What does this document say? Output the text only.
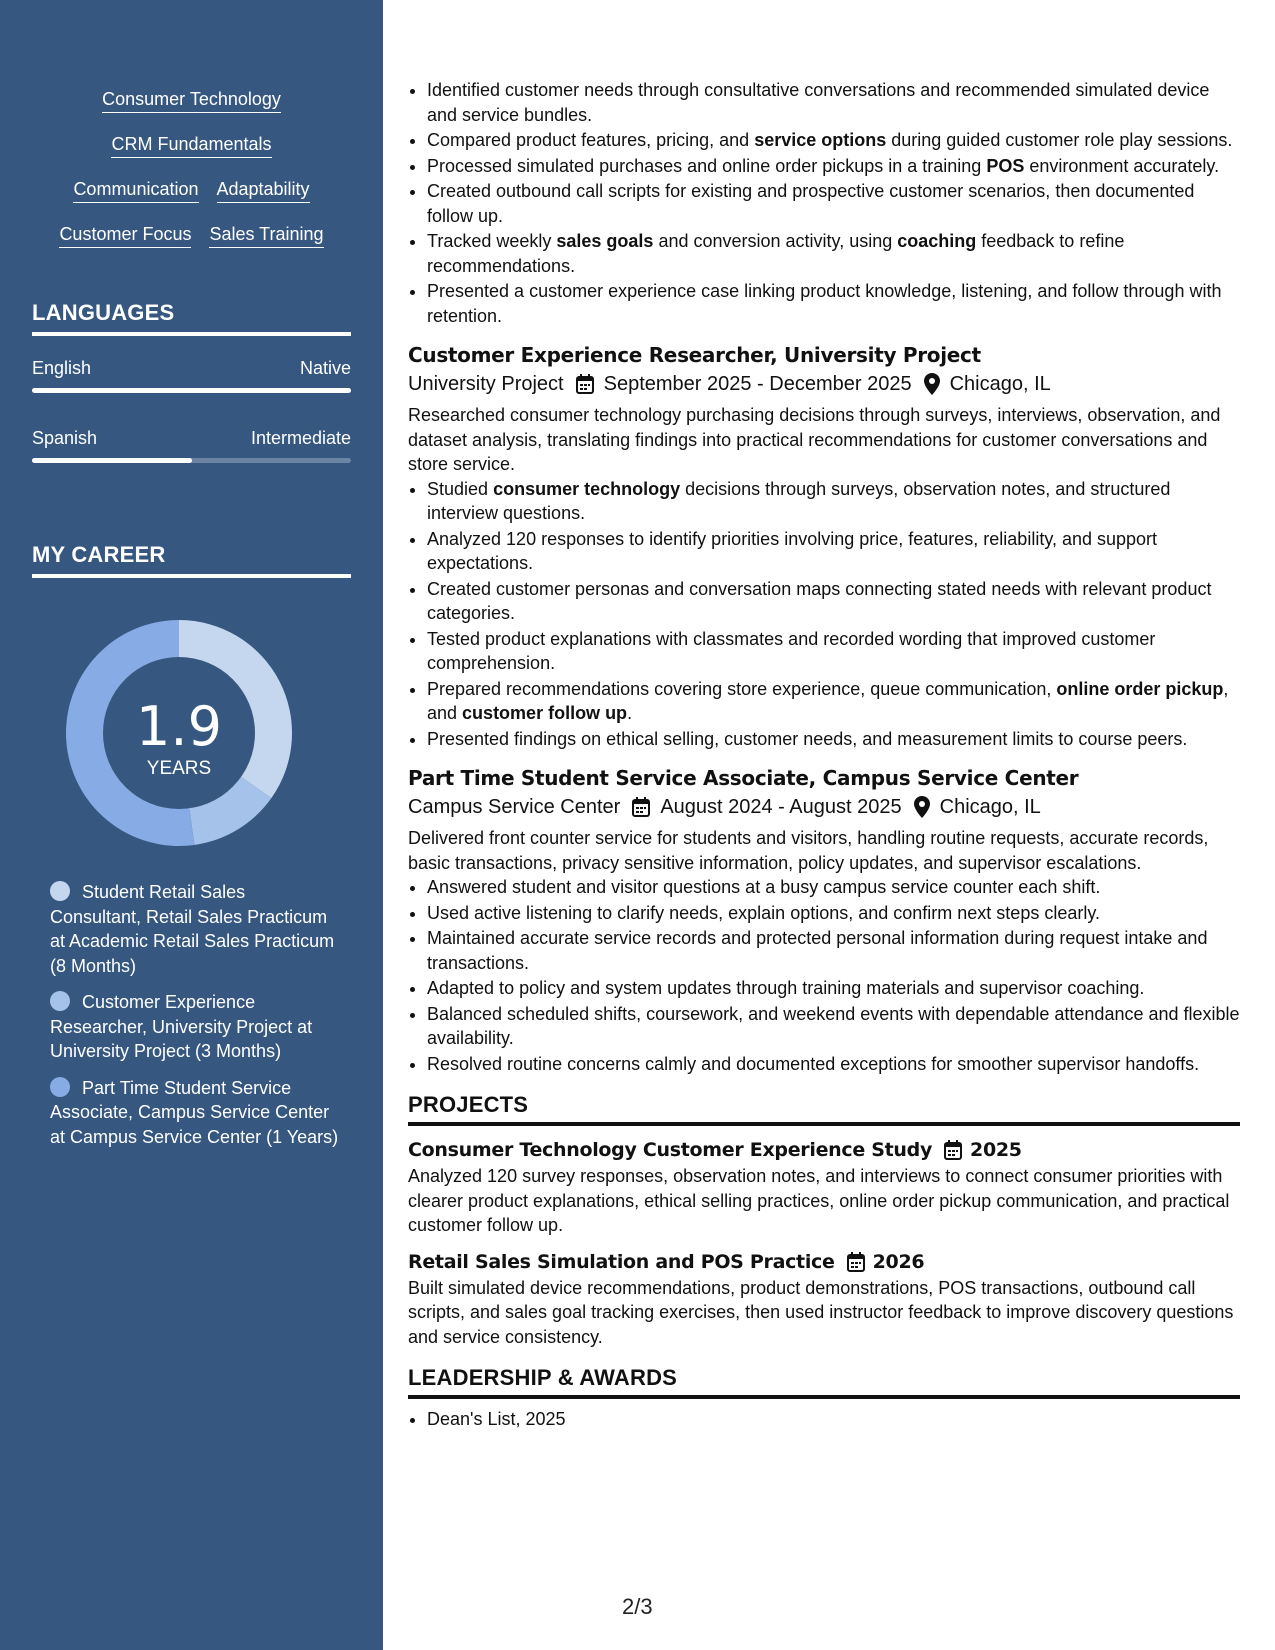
Consumer Technology
CRM Fundamentals
Communication Adaptability
Customer Focus Sales Training
LANGUAGES
English	Native
Spanish	Intermediate
MY CAREER
1.9
YEARS
Student Retail Sales Consultant, Retail Sales Practicum at Academic Retail Sales Practicum (8 Months)
Customer Experience Researcher, University Project at University Project (3 Months)
Part Time Student Service Associate, Campus Service Center at Campus Service Center (1 Years)
• Identified customer needs through consultative conversations and recommended simulated device and service bundles.
• Compared product features, pricing, and service options during guided customer role play sessions.
• Processed simulated purchases and online order pickups in a training POS environment accurately.
• Created outbound call scripts for existing and prospective customer scenarios, then documented follow up.
• Tracked weekly sales goals and conversion activity, using coaching feedback to refine recommendations.
• Presented a customer experience case linking product knowledge, listening, and follow through with retention.
Customer Experience Researcher, University Project
University Project September 2025 - December 2025 Chicago, IL
Researched consumer technology purchasing decisions through surveys, interviews, observation, and dataset analysis, translating findings into practical recommendations for customer conversations and store service.
• Studied consumer technology decisions through surveys, observation notes, and structured interview questions.
• Analyzed 120 responses to identify priorities involving price, features, reliability, and support expectations.
• Created customer personas and conversation maps connecting stated needs with relevant product categories.
• Tested product explanations with classmates and recorded wording that improved customer comprehension.
• Prepared recommendations covering store experience, queue communication, online order pickup, and customer follow up.
• Presented findings on ethical selling, customer needs, and measurement limits to course peers.
Part Time Student Service Associate, Campus Service Center
Campus Service Center August 2024 - August 2025 Chicago, IL
Delivered front counter service for students and visitors, handling routine requests, accurate records, basic transactions, privacy sensitive information, policy updates, and supervisor escalations.
• Answered student and visitor questions at a busy campus service counter each shift.
• Used active listening to clarify needs, explain options, and confirm next steps clearly.
• Maintained accurate service records and protected personal information during request intake and transactions.
• Adapted to policy and system updates through training materials and supervisor coaching.
• Balanced scheduled shifts, coursework, and weekend events with dependable attendance and flexible availability.
• Resolved routine concerns calmly and documented exceptions for smoother supervisor handoffs.
PROJECTS
Consumer Technology Customer Experience Study 2025
Analyzed 120 survey responses, observation notes, and interviews to connect consumer priorities with clearer product explanations, ethical selling practices, online order pickup communication, and practical customer follow up.
Retail Sales Simulation and POS Practice 2026
Built simulated device recommendations, product demonstrations, POS transactions, outbound call scripts, and sales goal tracking exercises, then used instructor feedback to improve discovery questions and service consistency.
LEADERSHIP & AWARDS
• Dean's List, 2025
2/3
